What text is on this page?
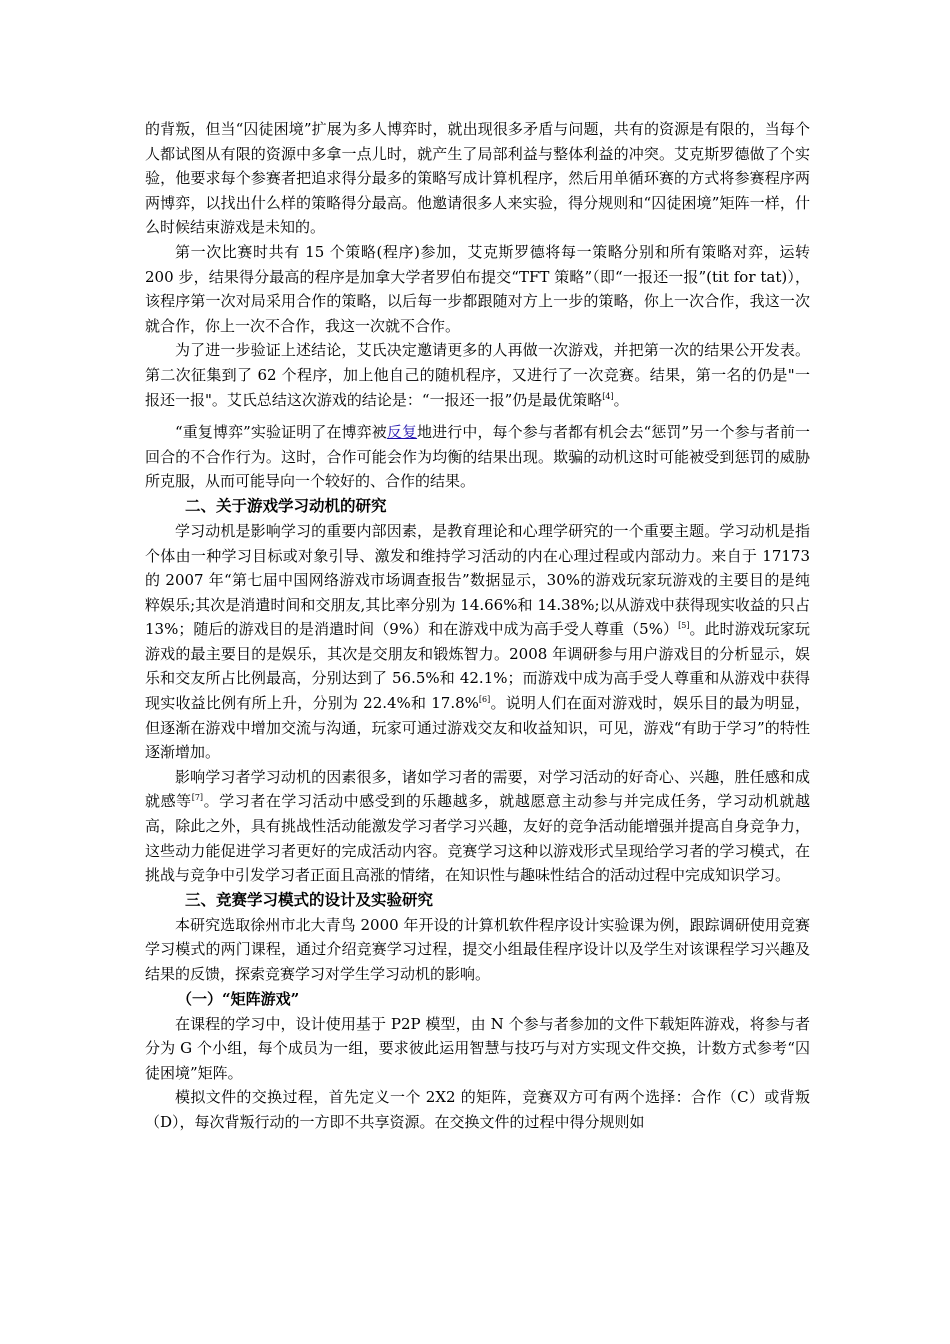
的背叛，但当“囚徒困境”扩展为多人博弈时，就出现很多矛盾与问题，共有的资源是有限的，当每个人都试图从有限的资源中多拿一点儿时，就产生了局部利益与整体利益的冲突。艾克斯罗德做了个实验，他要求每个参赛者把追求得分最多的策略写成计算机程序，然后用单循环赛的方式将参赛程序两两博弈，以找出什么样的策略得分最高。他邀请很多人来实验，得分规则和“囚徒困境”矩阵一样，什么时候结束游戏是未知的。

第一次比赛时共有 15 个策略(程序)参加，艾克斯罗德将每一策略分别和所有策略对弈，运转 200 步，结果得分最高的程序是加拿大学者罗伯布提交“TFT 策略”（即“一报还一报”(tit for tat)），该程序第一次对局采用合作的策略，以后每一步都跟随对方上一步的策略，你上一次合作，我这一次就合作，你上一次不合作，我这一次就不合作。

为了进一步验证上述结论，艾氏决定邀请更多的人再做一次游戏，并把第一次的结果公开发表。第二次征集到了 62 个程序，加上他自己的随机程序，又进行了一次竞赛。结果，第一名的仍是"一报还一报"。艾氏总结这次游戏的结论是：“一报还一报”仍是最优策略[4]。

“重复博弈”实验证明了在博弈被反复地进行中，每个参与者都有机会去“惩罚”另一个参与者前一回合的不合作行为。这时，合作可能会作为均衡的结果出现。欺骗的动机这时可能被受到惩罚的威胁所克服，从而可能导向一个较好的、合作的结果。

二、关于游戏学习动机的研究

学习动机是影响学习的重要内部因素，是教育理论和心理学研究的一个重要主题。学习动机是指个体由一种学习目标或对象引导、激发和维持学习活动的内在心理过程或内部动力。来自于 17173 的 2007 年“第七届中国网络游戏市场调查报告”数据显示，30%的游戏玩家玩游戏的主要目的是纯粹娱乐;其次是消遣时间和交朋友,其比率分别为 14.66%和 14.38%;以从游戏中获得现实收益的只占 13%；随后的游戏目的是消遣时间（9%）和在游戏中成为高手受人尊重（5%）[5]。此时游戏玩家玩游戏的最主要目的是娱乐，其次是交朋友和锻炼智力。2008 年调研参与用户游戏目的分析显示，娱乐和交友所占比例最高，分别达到了 56.5%和 42.1%；而游戏中成为高手受人尊重和从游戏中获得现实收益比例有所上升，分别为 22.4%和 17.8%[6]。说明人们在面对游戏时，娱乐目的最为明显，但逐渐在游戏中增加交流与沟通，玩家可通过游戏交友和收益知识，可见，游戏“有助于学习”的特性逐渐增加。

影响学习者学习动机的因素很多，诸如学习者的需要，对学习活动的好奇心、兴趣，胜任感和成就感等[7]。学习者在学习活动中感受到的乐趣越多，就越愿意主动参与并完成任务，学习动机就越高，除此之外，具有挑战性活动能激发学习者学习兴趣，友好的竞争活动能增强并提高自身竞争力，这些动力能促进学习者更好的完成活动内容。竞赛学习这种以游戏形式呈现给学习者的学习模式，在挑战与竞争中引发学习者正面且高涨的情绪，在知识性与趣味性结合的活动过程中完成知识学习。

三、竞赛学习模式的设计及实验研究

本研究选取徐州市北大青鸟 2000 年开设的计算机软件程序设计实验课为例，跟踪调研使用竞赛学习模式的两门课程，通过介绍竞赛学习过程，提交小组最佳程序设计以及学生对该课程学习兴趣及结果的反馈，探索竞赛学习对学生学习动机的影响。

（一）“矩阵游戏”

在课程的学习中，设计使用基于 P2P 模型，由 N 个参与者参加的文件下载矩阵游戏，将参与者分为 G 个小组，每个成员为一组，要求彼此运用智慧与技巧与对方实现文件交换，计数方式参考“囚徒困境”矩阵。

模拟文件的交换过程，首先定义一个 2X2 的矩阵，竞赛双方可有两个选择：合作（C）或背叛（D），每次背叛行动的一方即不共享资源。在交换文件的过程中得分规则如
